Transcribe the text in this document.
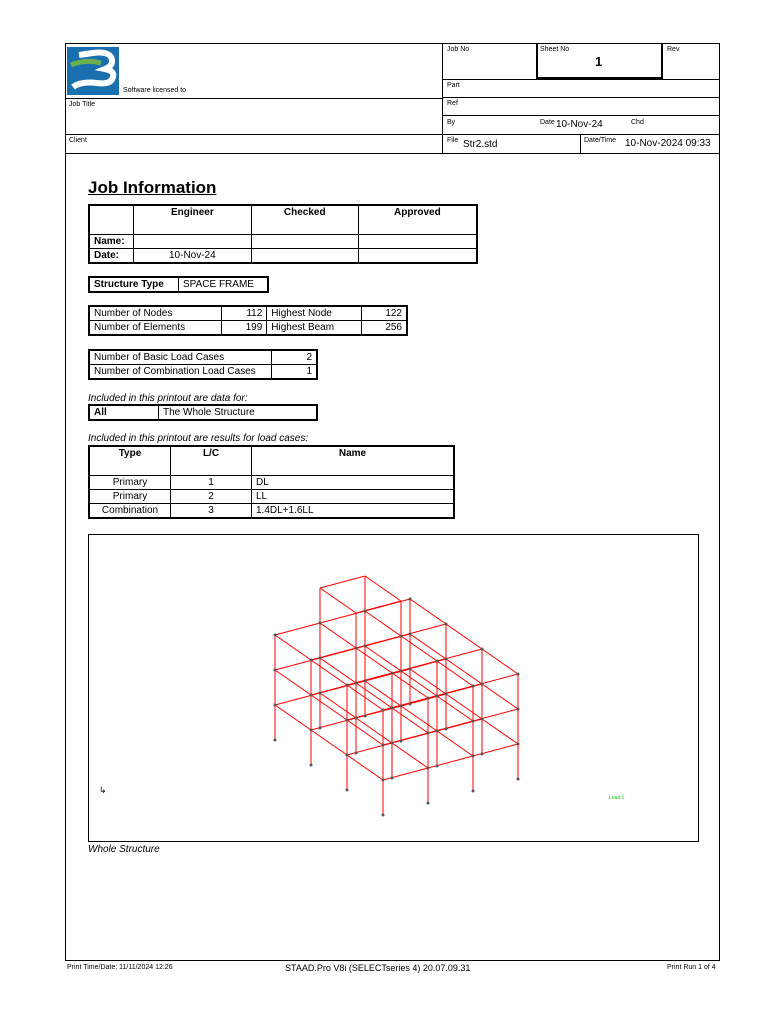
Software licensed to
Job Title
Client
Job No	Sheet No
1
Rev
Part
Ref
By	Date 10-Nov-24	Chd
File Str2.std	Date/Time 10-Nov-2024 09:33
Job Information
	Engineer	Checked	Approved
Name:			
Date:	10-Nov-24		
Structure Type	SPACE FRAME
Number of Nodes	112	Highest Node	122
Number of Elements	199	Highest Beam	256
Number of Basic Load Cases	2
Number of Combination Load Cases	1
Included in this printout are data for:
All	The Whole Structure
Included in this printout are results for load cases:
Type	L/C	Name
Primary	1	DL
Primary	2	LL
Combination	3	1.4DL+1.6LL
Load 1
↳
Whole Structure
Print Time/Date: 11/11/2024 12:26	STAAD.Pro V8i (SELECTseries 4) 20.07.09.31	Print Run 1 of 4
